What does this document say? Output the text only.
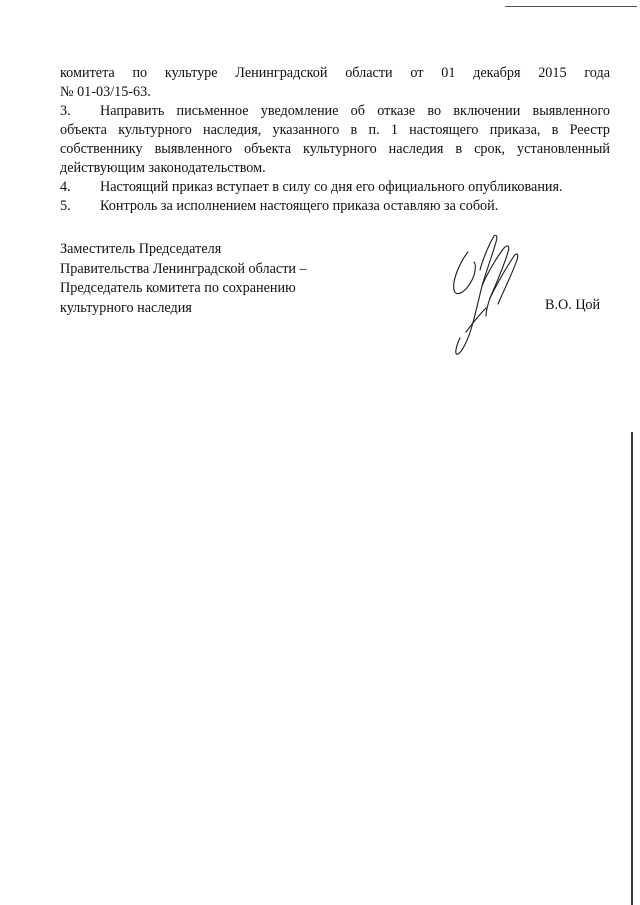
комитета по культуре Ленинградской области от 01 декабря 2015 года
№ 01-03/15-63.

3.	Направить письменное уведомление об отказе во включении выявленного
объекта культурного наследия, указанного в п. 1 настоящего приказа, в Реестр
собственнику выявленного объекта культурного наследия в срок, установленный
действующим законодательством.
4.	Настоящий приказ вступает в силу со дня его официального опубликования.
5.	Контроль за исполнением настоящего приказа оставляю за собой.
Заместитель Председателя
Правительства Ленинградской области –
Председатель комитета по сохранению
культурного наследия	В.О. Цой
